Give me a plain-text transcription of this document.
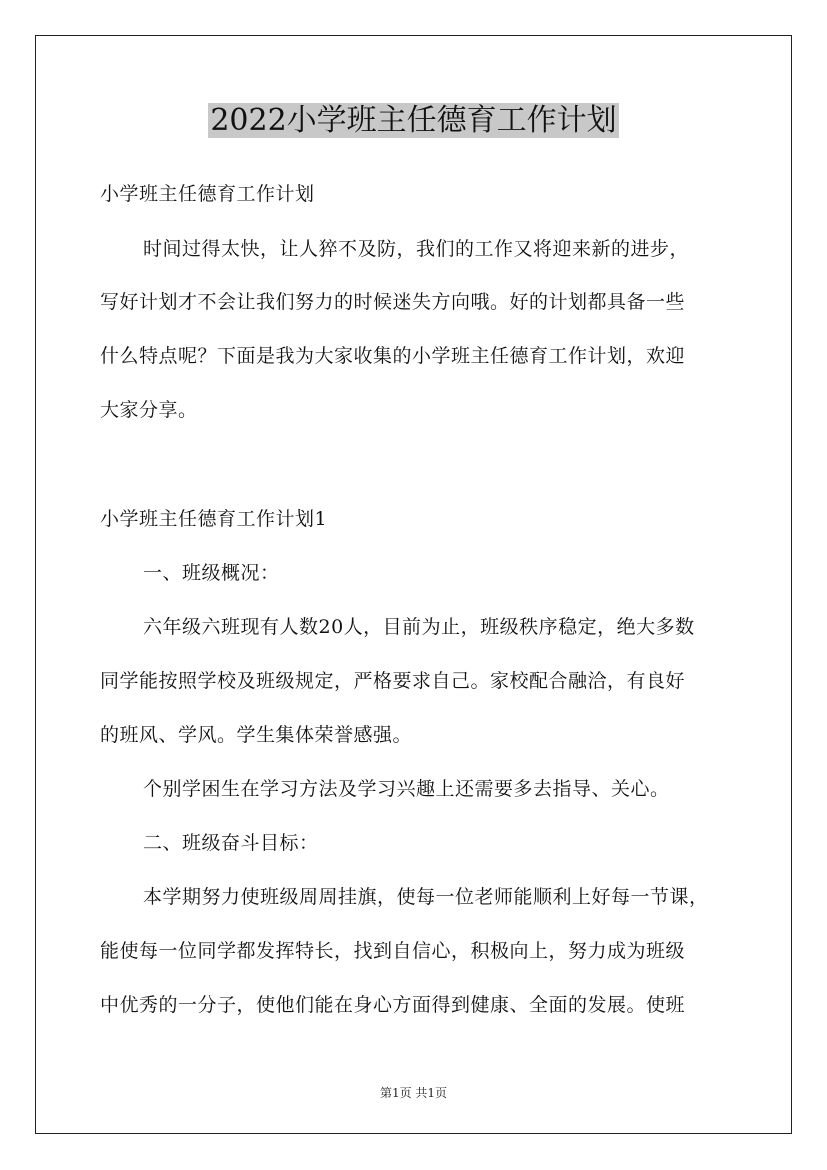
2022小学班主任德育工作计划
小学班主任德育工作计划
时间过得太快，让人猝不及防，我们的工作又将迎来新的进步，
写好计划才不会让我们努力的时候迷失方向哦。好的计划都具备一些
什么特点呢？下面是我为大家收集的小学班主任德育工作计划，欢迎
大家分享。
小学班主任德育工作计划1
一、班级概况：
六年级六班现有人数20人，目前为止，班级秩序稳定，绝大多数
同学能按照学校及班级规定，严格要求自己。家校配合融洽，有良好
的班风、学风。学生集体荣誉感强。
个别学困生在学习方法及学习兴趣上还需要多去指导、关心。
二、班级奋斗目标：
本学期努力使班级周周挂旗，使每一位老师能顺利上好每一节课，
能使每一位同学都发挥特长，找到自信心，积极向上，努力成为班级
中优秀的一分子，使他们能在身心方面得到健康、全面的发展。使班
第1页 共1页
